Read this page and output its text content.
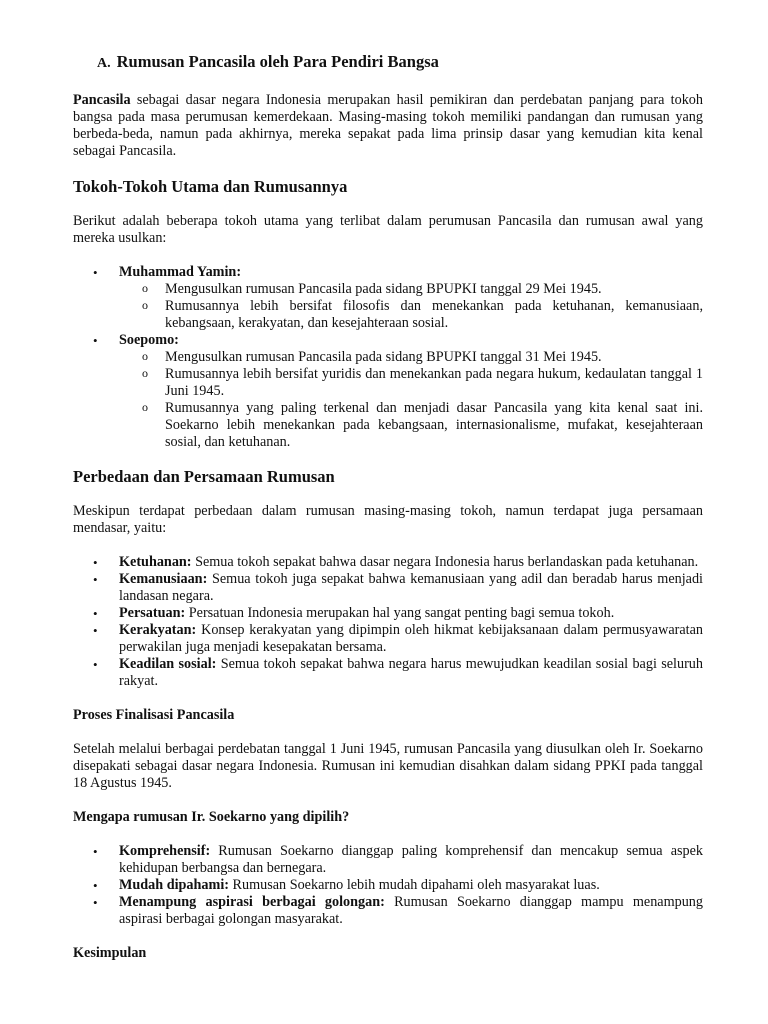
A. Rumusan Pancasila oleh Para Pendiri Bangsa

Pancasila sebagai dasar negara Indonesia merupakan hasil pemikiran dan perdebatan panjang para tokoh bangsa pada masa perumusan kemerdekaan. Masing-masing tokoh memiliki pandangan dan rumusan yang berbeda-beda, namun pada akhirnya, mereka sepakat pada lima prinsip dasar yang kemudian kita kenal sebagai Pancasila.

Tokoh-Tokoh Utama dan Rumusannya

Berikut adalah beberapa tokoh utama yang terlibat dalam perumusan Pancasila dan rumusan awal yang mereka usulkan:

• Muhammad Yamin:
o Mengusulkan rumusan Pancasila pada sidang BPUPKI tanggal 29 Mei 1945.
o Rumusannya lebih bersifat filosofis dan menekankan pada ketuhanan, kemanusiaan, kebangsaan, kerakyatan, dan kesejahteraan sosial.
• Soepomo:
o Mengusulkan rumusan Pancasila pada sidang BPUPKI tanggal 31 Mei 1945.
o Rumusannya lebih bersifat yuridis dan menekankan pada negara hukum, kedaulatan tanggal 1 Juni 1945.
o Rumusannya yang paling terkenal dan menjadi dasar Pancasila yang kita kenal saat ini. Soekarno lebih menekankan pada kebangsaan, internasionalisme, mufakat, kesejahteraan sosial, dan ketuhanan.
Perbedaan dan Persamaan Rumusan

Meskipun terdapat perbedaan dalam rumusan masing-masing tokoh, namun terdapat juga persamaan mendasar, yaitu:

• Ketuhanan: Semua tokoh sepakat bahwa dasar negara Indonesia harus berlandaskan pada ketuhanan.
• Kemanusiaan: Semua tokoh juga sepakat bahwa kemanusiaan yang adil dan beradab harus menjadi landasan negara.
• Persatuan: Persatuan Indonesia merupakan hal yang sangat penting bagi semua tokoh.
• Kerakyatan: Konsep kerakyatan yang dipimpin oleh hikmat kebijaksanaan dalam permusyawaratan perwakilan juga menjadi kesepakatan bersama.
• Keadilan sosial: Semua tokoh sepakat bahwa negara harus mewujudkan keadilan sosial bagi seluruh rakyat.
Proses Finalisasi Pancasila

Setelah melalui berbagai perdebatan tanggal 1 Juni 1945, rumusan Pancasila yang diusulkan oleh Ir. Soekarno disepakati sebagai dasar negara Indonesia. Rumusan ini kemudian disahkan dalam sidang PPKI pada tanggal 18 Agustus 1945.

Mengapa rumusan Ir. Soekarno yang dipilih?
• Komprehensif: Rumusan Soekarno dianggap paling komprehensif dan mencakup semua aspek kehidupan berbangsa dan bernegara.
• Mudah dipahami: Rumusan Soekarno lebih mudah dipahami oleh masyarakat luas.
• Menampung aspirasi berbagai golongan: Rumusan Soekarno dianggap mampu menampung aspirasi berbagai golongan masyarakat.
Kesimpulan
